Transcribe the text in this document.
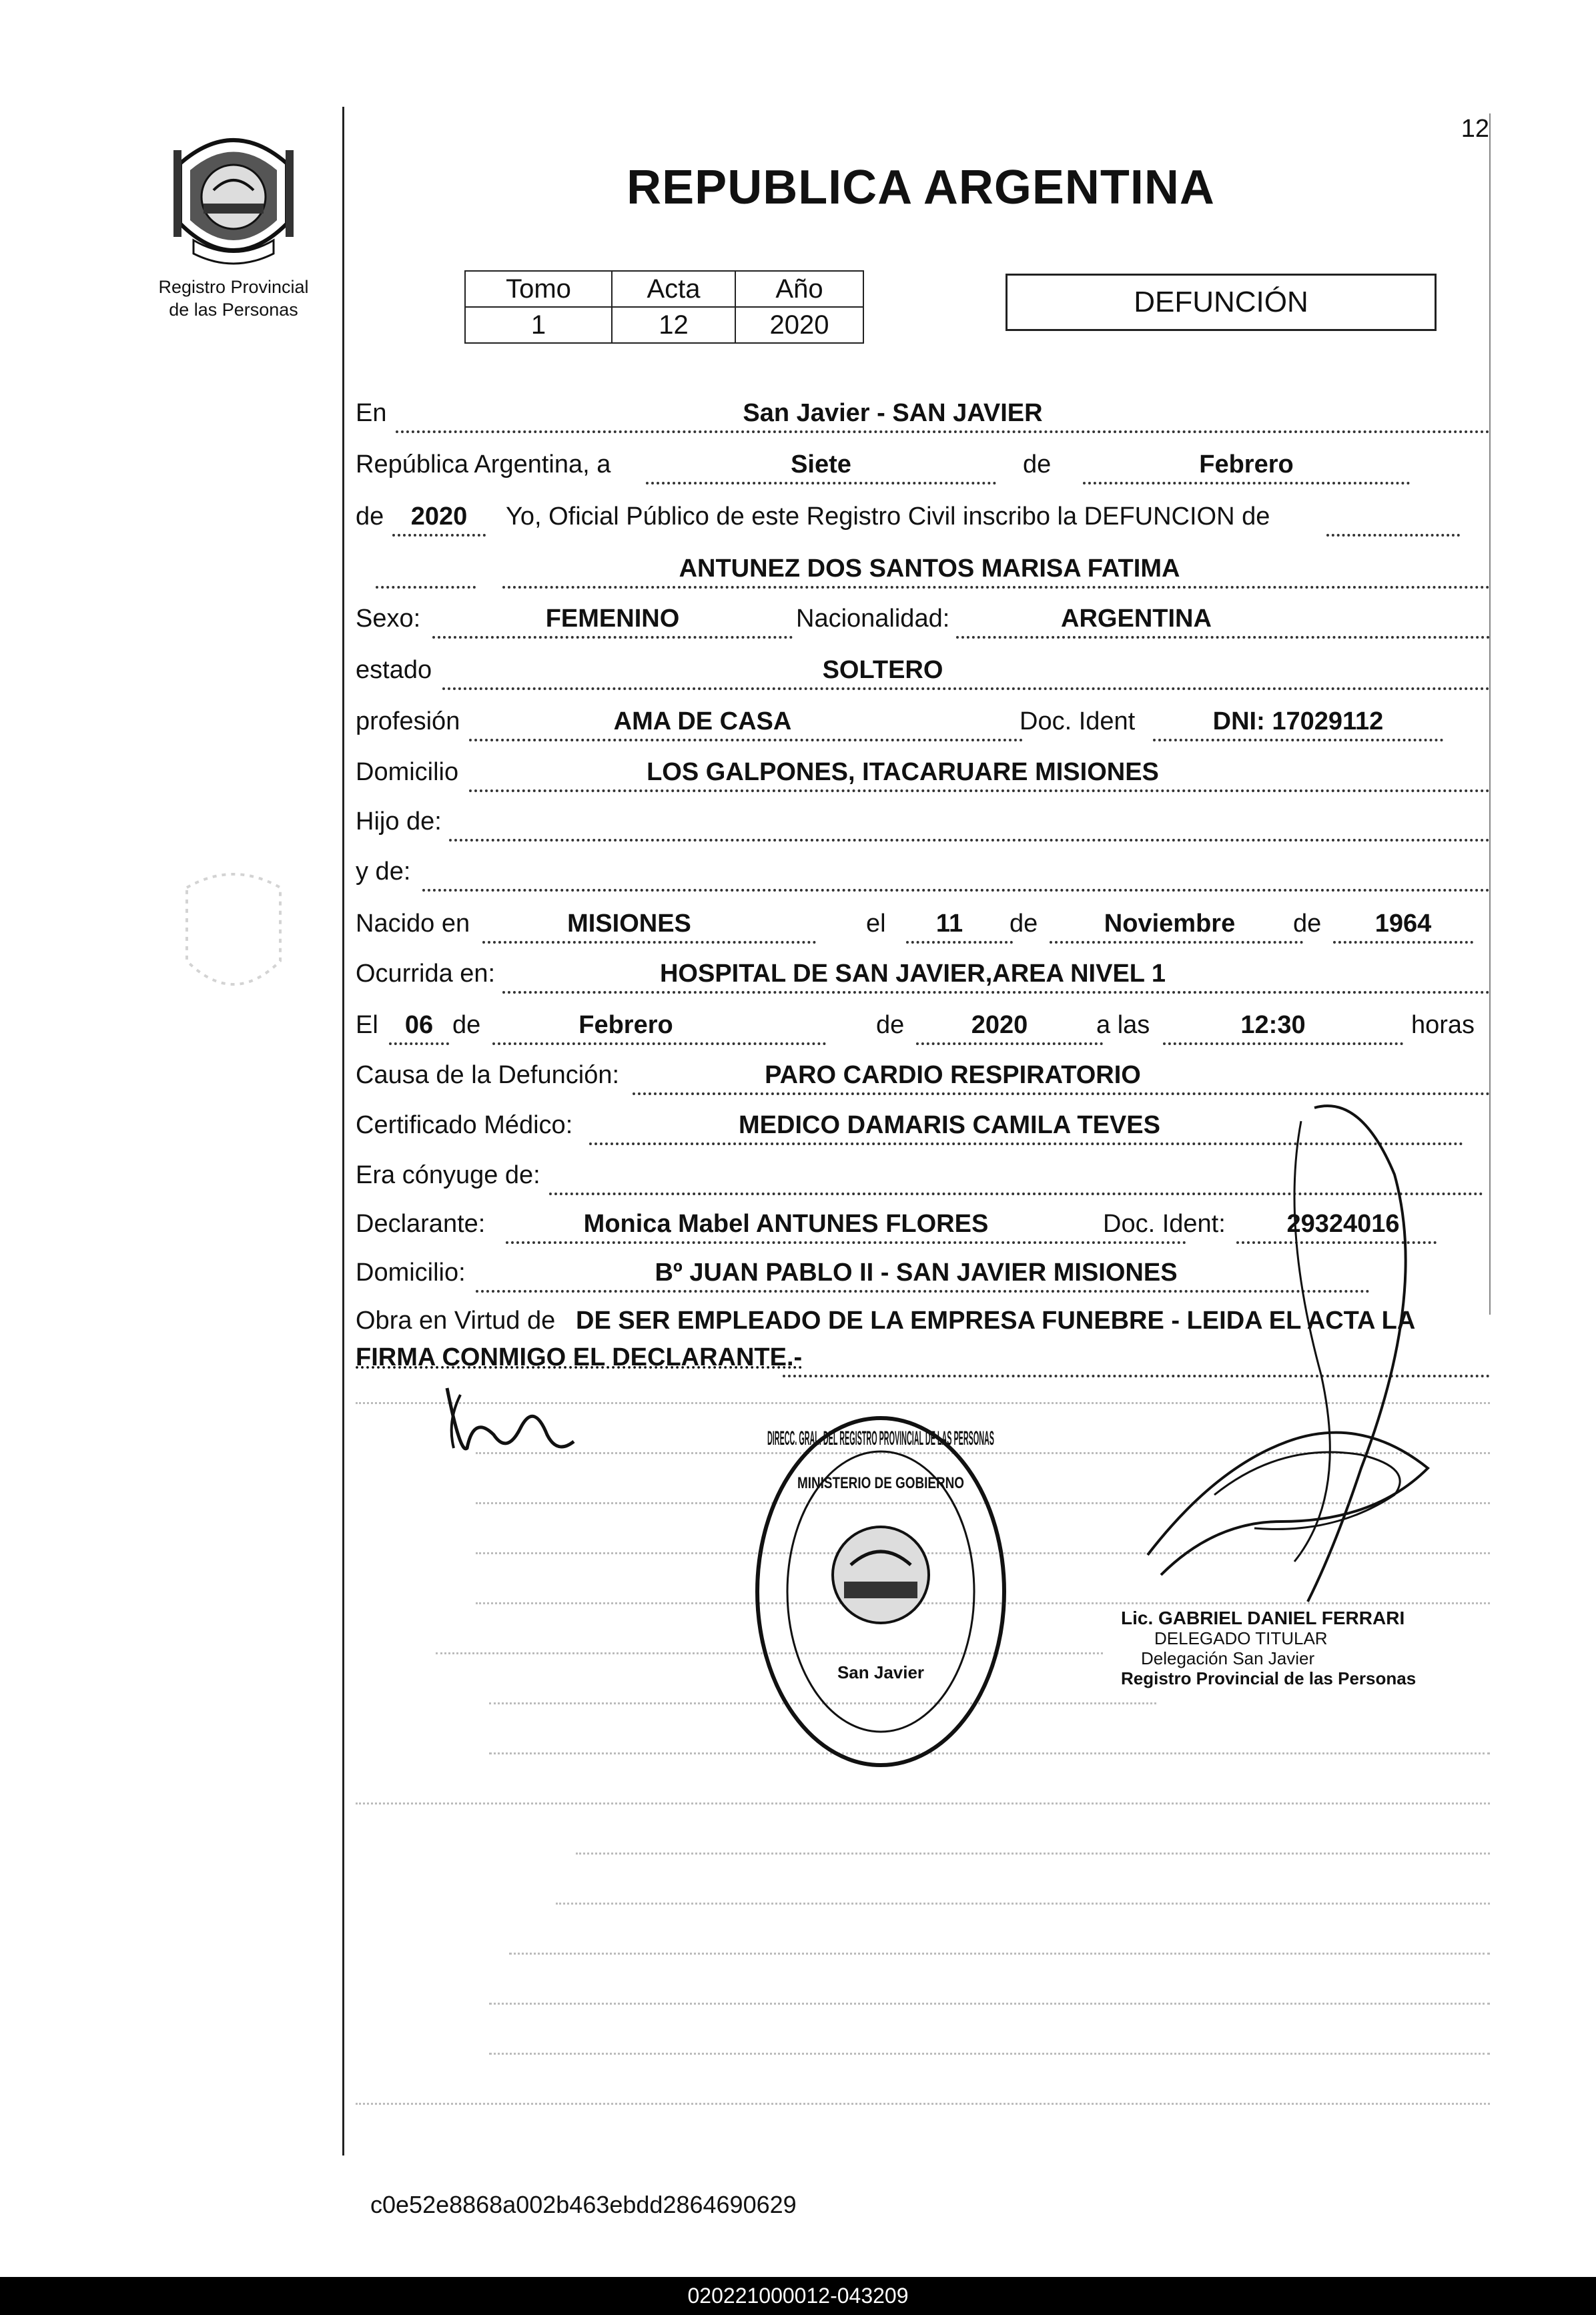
Registro Provincial de las Personas
12
REPUBLICA ARGENTINA
Tomo	Acta	Año
1	12	2020
DEFUNCIÓN
En	San Javier - SAN JAVIER
República Argentina, a	Siete	de	Febrero
de	2020	Yo, Oficial Público de este Registro Civil inscribo la DEFUNCION de
ANTUNEZ DOS SANTOS MARISA FATIMA
Sexo:	FEMENINO	Nacionalidad:	ARGENTINA
estado	SOLTERO
profesión	AMA DE CASA	Doc. Ident	DNI: 17029112
Domicilio	LOS GALPONES, ITACARUARE MISIONES
Hijo de:
y de:
Nacido en	MISIONES	el	11	de	Noviembre	de	1964
Ocurrida en:	HOSPITAL DE SAN JAVIER,AREA NIVEL 1
El	06 de	Febrero	de	2020	a las	12:30	horas
Causa de la Defunción:	PARO CARDIO RESPIRATORIO
Certificado Médico:	MEDICO DAMARIS CAMILA TEVES
Era cónyuge de:
Declarante:	Monica Mabel ANTUNES FLORES	Doc. Ident:	29324016
Domicilio:	Bº JUAN PABLO II - SAN JAVIER MISIONES
Obra en Virtud de DE SER EMPLEADO DE LA EMPRESA FUNEBRE - LEIDA EL ACTA LA
FIRMA CONMIGO EL DECLARANTE.-
DIRECC. GRAL. DEL REGISTRO PROVINCIAL DE LAS PERSONAS
MINISTERIO DE GOBIERNO
San Javier
Lic. GABRIEL DANIEL FERRARI
DELEGADO TITULAR
Delegación San Javier
Registro Provincial de las Personas
c0e52e8868a002b463ebdd2864690629
020221000012-043209
